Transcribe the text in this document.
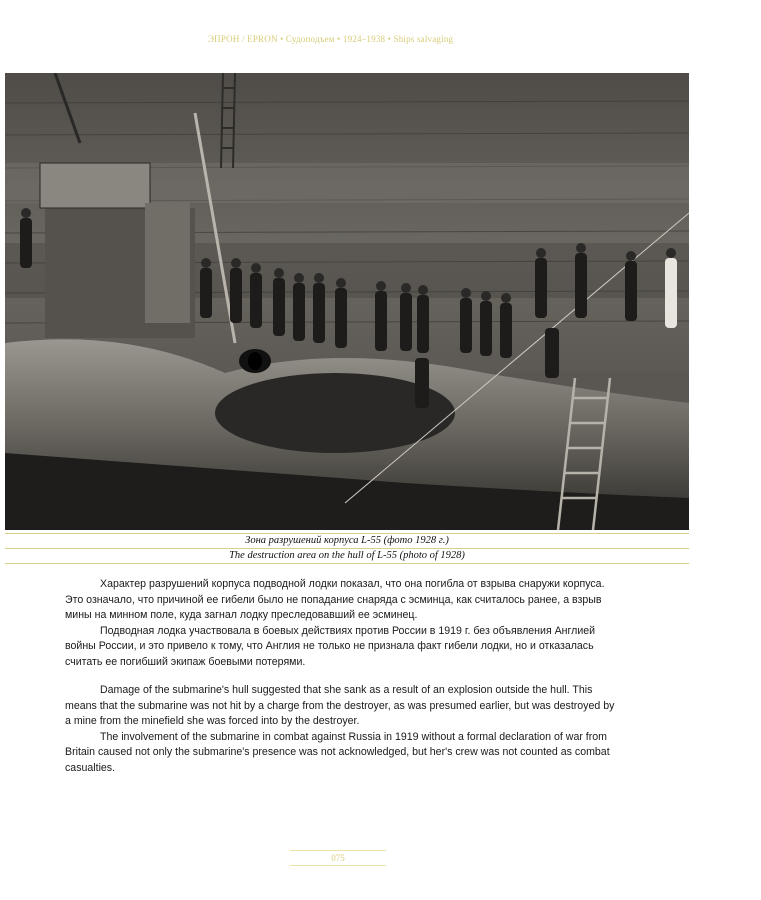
ЭПРОН / EPRON • Судоподъем • 1924–1938 • Ships salvaging
Зона разрушений корпуса L-55 (фото 1928 г.)
The destruction area on the hull of L-55 (photo of 1928)

Характер разрушений корпуса подводной лодки показал, что она погибла от взрыва снаружи корпуса. Это означало, что причиной ее гибели было не попадание снаряда с эсминца, как считалось ранее, а взрыв мины на минном поле, куда загнал лодку преследовавший ее эсминец.

Подводная лодка участвовала в боевых действиях против России в 1919 г. без объявления Англией войны России, и это привело к тому, что Англия не только не признала факт гибели лодки, но и отказалась считать ее погибший экипаж боевыми потерями.

Damage of the submarine's hull suggested that she sank as a result of an explosion outside the hull. This means that the submarine was not hit by a charge from the destroyer, as was presumed earlier, but was destroyed by a mine from the minefield she was forced into by the destroyer.

The involvement of the submarine in combat against Russia in 1919 without a formal declaration of war from Britain caused not only the submarine's presence was not acknowledged, but her's crew was not counted as combat casualties.

075
